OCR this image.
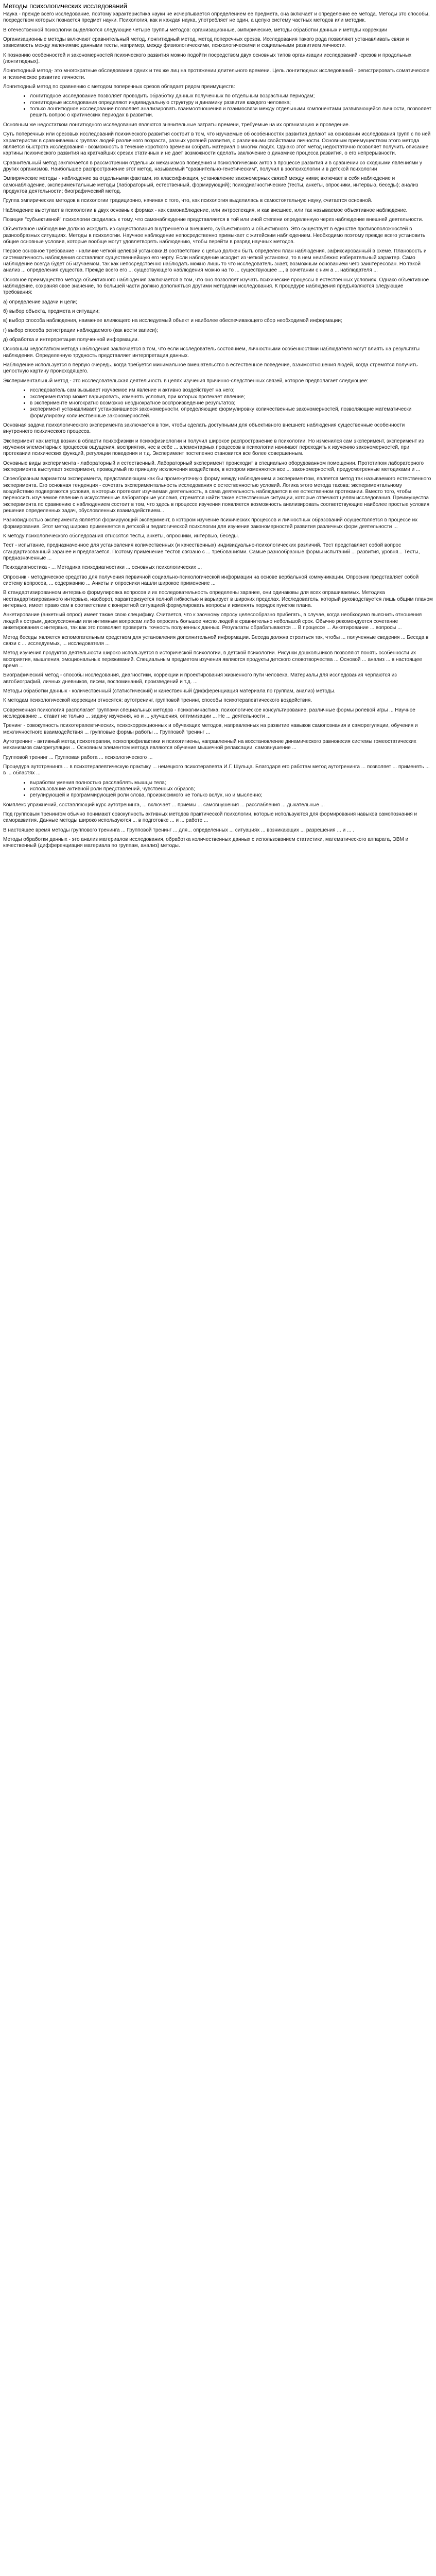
Методы психологических исследований

Наука - прежде всего исследование, поэтому характеристика науки не исчерпывается определением ее предмета, она включает и определение ее метода. Методы это способы, посредством которых познается предмет науки. Психология, как и каждая наука, употребляет не один, а целую систему частных методов или методик.

В отечественной психологии выделяются следующие четыре группы методов: организационные, эмпирические, методы обработки данных и методы коррекции

Организационные методы включают сравнительный метод, лонгитюдный метод, метод поперечных срезов. Исследования такого рода позволяют устанавливать связи и зависимость между явлениями: данными тесты, например, между физиологическими, психологическими и социальными развитием личности.

К познанию особенностей и закономерностей психического развития можно подойти посредством двух основных типов организации исследований -срезов и продольных (лонгитюдных).

Лонгитюдный метод- это многократные обследования одних и тех же лиц на протяжении длительного времени. Цель лонгитюдных исследований - регистрировать соматическое и психическое развитие личности.

Лонгитюдный метод по сравнению с методом поперечных срезов обладает рядом преимуществ:

• лонгитюдное исследование позволяет проводить обработку данных полученных по отдельным возрастным периодам;
• лонгитюдные исследования определяют индивидуальную структуру и динамику развития каждого человека;
• только лонгитюдное исследование позволяет анализировать взаимоотношения и взаимосвязи между отдельными компонентами развивающейся личности, позволяет решить вопрос о критических периодах в развитии.

Основным же недостатком лонгитюдного исследования являются значительные затраты времени, требуемые на их организацию и проведение.

Суть поперечных или срезовых исследований психического развития состоит в том, что изучаемые об особенностях развития делают на основании исследования групп с по ней характеристик в сравниваемых группах людей различного возраста, разных уровней развития, с различными свойствами личности. Основным преимуществом этого метода является быстрота исследования - возможность в течение короткого времени собрать материал о многих людях. Однако этот метод недостаточно позволяет получить описание картины психического развития на кратчайших срезах статичных и не дает возможности сделать заключение о динамике процесса развития, о его непрерывности.

Сравнительный метод заключается в рассмотрении отдельных механизмов поведения и психологических актов в процессе развития и в сравнении со сходными явлениями у других организмов. Наибольшее распространение этот метод, называемый "сравнительно-генетическим", получил в зоопсихологии и в детской психологии

Эмпирические методы - наблюдение за отдельными фактами, их классификация, установление закономерных связей между ними; включает в себя наблюдение и самонаблюдение, экспериментальные методы (лабораторный, естественный, формирующий); психодиагностические (тесты, анкеты, опросники, интервью, беседы); анализ продуктов деятельности; биографический метод.

Группа эмпирических методов в психологии традиционно, начиная с того, что, как психология выделилась в самостоятельную науку, считается основной.

Наблюдение выступает в психологии в двух основных формах - как самонаблюдение, или интроспекция, и как внешнее, или так называемое объективное наблюдение.

Позиция "субъективной" психологии сводилась к тому, что самонаблюдение представляется в той или иной степени определенную через наблюдение внешней деятельности.

Объективное наблюдение должно исходить из существования внутреннего и внешнего, субъективного и объективного. Это существует в единстве противоположностей в разнообразных ситуациях. Методы в психологии. Научное наблюдение непосредственно примыкает с житейским наблюдением. Необходимо поэтому прежде всего установить общие основные условия, которые вообще могут удовлетворять наблюдению, чтобы перейти в разряд научных методов.

Первое основное требование - наличие четкой целевой установки.В соответствии с целью должен быть определен план наблюдения, зафиксированный в схеме. Плановость и систематичность наблюдения составляют существеннейшую его черту. Если наблюдение исходит из четкой установки, то в нем неизбежно изберательный характер. Само наблюдение всегда будет об изучаемом, так как непосредственно наблюдать можно лишь то что исследователь знает, возможным основанием чего заинтересован. Но такой анализ ... определения существа. Прежде всего его ... существующего наблюдения можно на то ... существующее ..., в сочетании с ним а ... наблюдателя ...

Основное преимущество метода объективного наблюдения заключается в том, что оно позволяет изучать психические процессы в естественных условиях. Однако объективное наблюдение, сохраняя свое значение, по большей части должно дополняться другими методами исследования. К процедуре наблюдения предъявляются следующие требования:

а) определение задачи и цели;

б) выбор объекта, предмета и ситуации;

в) выбор способа наблюдения, наименее влияющего на исследуемый объект и наиболее обеспечивающего сбор необходимой информации;

г) выбор способа регистрации наблюдаемого (как вести записи);

д) обработка и интерпретация полученной информации.

Основным недостатком метода наблюдения заключается в том, что если исследователь состоянием, личностными особенностями наблюдателя могут влиять на результаты наблюдения. Определенную трудность представляет интерпретация данных.

Наблюдение используется в первую очередь, когда требуется минимальное вмешательство в естественное поведение, взаимоотношения людей, когда стремятся получить целостную картину происходящего.

Экспериментальный метод - это исследовательская деятельность в целях изучения причинно-следственных связей, которое предполагает следующее:

• исследователь сам вызывает изучаемое им явление и активно воздействует на него;
• экспериментатор может варьировать, изменять условия, при которых протекает явление;
• в эксперименте многократно возможно неоднократное воспроизведение результатов;
• эксперимент устанавливает установившиеся закономерности, определяющие формулировку количественные закономерностей, позволяющие математически формулировку количественные закономерностей.

Основная задача психологического эксперимента заключается в том, чтобы сделать доступными для объективного внешнего наблюдения существенные особенности внутреннего психического процесса.

Эксперимент как метод возник в области психофизики и психофизиологии и получил широкое распространение в психологии. Но изменился сам эксперимент, эксперимент из изучения элементарных процессов ощущения, восприятия, нес в себе ... элементарных процессов в психологии начинают переходить к изучению закономерностей, при протекании психических функций, регуляции поведения и т.д. Эксперимент постепенно становится все более совершенным.

Основные виды эксперимента - лабораторный и естественный. Лабораторный эксперимент происходит в специально оборудованном помещении. Прототипом лабораторного эксперимента выступает эксперимент, проводимый по принципу исключения воздействия, в котором изменяются все ... закономерностей, предусмотренные методиками и ...

Своеобразным вариантом эксперимента, представляющим как бы промежуточную форму между наблюдением и экспериментом, является метод так называемого естественного эксперимента. Его основная тенденция - сочетать экспериментальность исследования с естественностью условий. Логика этого метода такова: экспериментальному воздействию подвергаются условия, в которых протекает изучаемая деятельность, а сама деятельность наблюдается в ее естественном протекании. Вместо того, чтобы переносить изучаемое явление в искусственные лабораторные условия, стремятся найти такие естественные ситуации, которые отвечают целям исследования. Преимущества эксперимента по сравнению с наблюдением состоит в том, что здесь в процессе изучения появляется возможность анализировать соответствующие наиболее простые условия решения определенных задач, обусловленных взаимодействием...

Разновидностью эксперимента является формирующий эксперимент, в котором изучение психических процессов и личностных образований осуществляется в процессе их формирования. Этот метод широко применяется в детской и педагогической психологии для изучения закономерностей развития различных форм деятельности ...

К методу психологического обследования относятся тесты, анкеты, опросники, интервью, беседы.

Тест - испытание, предназначенное для установления количественных (и качественных) индивидуально-психологических различий. Тест представляет собой вопрос стандартизованный заранее и предлагается. Поэтому применение тестов связано с ... требованиями. Самые разнообразные формы испытаний ... развития, уровня... Тесты, предназначенные ...

Психодиагностика - ... Методика психодиагностики ... основных психологических ...

Опросник - методическое средство для получения первичной социально-психологической информации на основе вербальной коммуникации. Опросник представляет собой систему вопросов, ... содержанию ... Анкеты и опросники нашли широкое применение ...

В стандартизированном интервью формулировка вопросов и их последовательность определены заранее, они одинаковы для всех опрашиваемых. Методика нестандартизированного интервью, наоборот, характеризуется полной гибкостью и варьирует в широких пределах. Исследователь, который руководствуется лишь общим планом интервью, имеет право сам в соответствии с конкретной ситуацией формулировать вопросы и изменять порядок пунктов плана.

Анкетирование (анкетный опрос) имеет также свою специфику. Считается, что к заочному опросу целесообразно прибегать, в случае, когда необходимо выяснить отношения людей к острым, дискуссионным или интимным вопросам либо опросить большое число людей в сравнительно небольшой срок. Обычно рекомендуется сочетание анкетирования с интервью, так как это позволяет проверить точность полученных данных. Результаты обрабатываются ... В процессе ... Анкетирование ... вопросы ...

Метод беседы является вспомогательным средством для установления дополнительной информации. Беседа должна строиться так, чтобы ... полученные сведения ... Беседа в связи с ... исследуемых, ... исследователя ...

Метод изучения продуктов деятельности широко используется в исторической психологии, в детской психологии. Рисунки дошкольников позволяют понять особенности их восприятия, мышления, эмоциональных переживаний. Специальным предметом изучения являются продукты детского словотворчества ... Основой ... анализ ... в настоящее время ...

Биографический метод - способы исследования, диагностики, коррекции и проектирования жизненного пути человека. Материалы для исследования черпаются из автобиографий, личных дневников, писем, воспоминаний, произведений и т.д. ...

Методы обработки данных - количественный (статистический) и качественный (дифференциация материала по группам, анализ) методы.

К методам психологической коррекции относятся: аутотренинг, групповой тренинг, способы психотерапевтического воздействия.

Современная психология располагает группами специальных методов - психогимнастика, психологическое консультирование, различные формы ролевой игры ... Научное исследование ... ставит не только ... задачу изучения, но и ... улучшения, оптимизации ... Не ... деятельности ...

Тренинг - совокупность психотерапевтических, психокоррекционных и обучающих методов, направленных на развитие навыков самопознания и саморегуляции, обучения и межличностного взаимодействия ... групповые формы работы ... Групповой тренинг ...

Аутотренинг - активный метод психотерапии, психопрофилактики и психогигиены, направленный на восстановление динамического равновесия системы гомеостатических механизмов саморегуляции ... Основным элементом метода являются обучение мышечной релаксации, самовнушение ...

Групповой тренинг ... Групповая работа ... психологического ...

Процедура аутотренинга ... в психотерапевтическую практику ... немецкого психотерапевта И.Г. Шульца. Благодаря его работам метод аутотренинга ... позволяет ... применять ... в ... областях ...

• выработки умения полностью расслаблять мышцы тела;
• использование активной роли представлений, чувственных образов;
• регулирующей и программирующей роли слова, произносимого не только вслух, но и мысленно;

Комплекс упражнений, составляющий курс аутотренинга, ... включает ... приемы ... самовнушения ... расслабления ... дыхательные ...

Под групповым тренингом обычно понимают совокупность активных методов практической психологии, которые используются для формирования навыков самопознания и саморазвития. Данные методы широко используются ... в подготовке ... и ... работе ...

В настоящее время методы группового тренинга ... Групповой тренинг ... для... определенных ... ситуациях ... возникающих ... разрешения ... и ... .

Методы обработки данных - это анализ материалов исследования, обработка количественных данных с использованием статистики, математического аппарата, ЭВМ и качественный (дифференциация материала по группам, анализ) методы.
